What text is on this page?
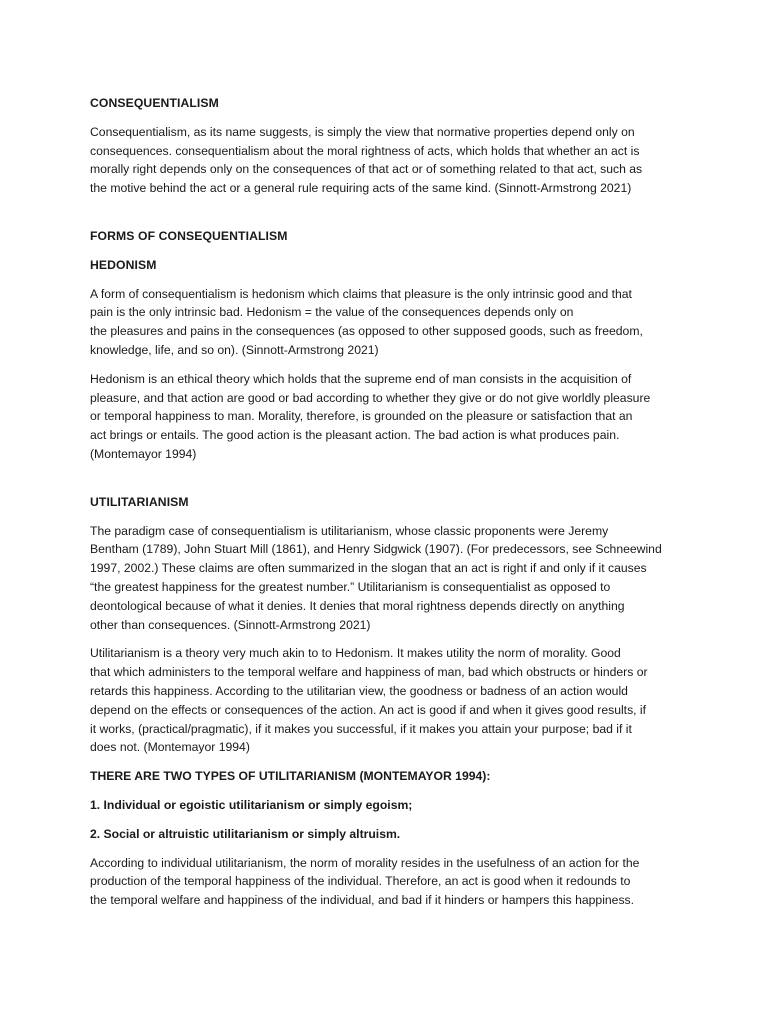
CONSEQUENTIALISM
Consequentialism, as its name suggests, is simply the view that normative properties depend only on
consequences. consequentialism about the moral rightness of acts, which holds that whether an act is
morally right depends only on the consequences of that act or of something related to that act, such as
the motive behind the act or a general rule requiring acts of the same kind. (Sinnott-Armstrong 2021)
FORMS OF CONSEQUENTIALISM
HEDONISM
A form of consequentialism is hedonism which claims that pleasure is the only intrinsic good and that
pain is the only intrinsic bad. Hedonism = the value of the consequences depends only on
the pleasures and pains in the consequences (as opposed to other supposed goods, such as freedom,
knowledge, life, and so on). (Sinnott-Armstrong 2021)
Hedonism is an ethical theory which holds that the supreme end of man consists in the acquisition of
pleasure, and that action are good or bad according to whether they give or do not give worldly pleasure
or temporal happiness to man. Morality, therefore, is grounded on the pleasure or satisfaction that an
act brings or entails. The good action is the pleasant action. The bad action is what produces pain.
(Montemayor 1994)
UTILITARIANISM
The paradigm case of consequentialism is utilitarianism, whose classic proponents were Jeremy
Bentham (1789), John Stuart Mill (1861), and Henry Sidgwick (1907). (For predecessors, see Schneewind
1997, 2002.) These claims are often summarized in the slogan that an act is right if and only if it causes
“the greatest happiness for the greatest number.” Utilitarianism is consequentialist as opposed to
deontological because of what it denies. It denies that moral rightness depends directly on anything
other than consequences. (Sinnott-Armstrong 2021)
Utilitarianism is a theory very much akin to to Hedonism. It makes utility the norm of morality. Good
that which administers to the temporal welfare and happiness of man, bad which obstructs or hinders or
retards this happiness. According to the utilitarian view, the goodness or badness of an action would
depend on the effects or consequences of the action. An act is good if and when it gives good results, if
it works, (practical/pragmatic), if it makes you successful, if it makes you attain your purpose; bad if it
does not. (Montemayor 1994)
THERE ARE TWO TYPES OF UTILITARIANISM (MONTEMAYOR 1994):
1. Individual or egoistic utilitarianism or simply egoism;
2. Social or altruistic utilitarianism or simply altruism.
According to individual utilitarianism, the norm of morality resides in the usefulness of an action for the
production of the temporal happiness of the individual. Therefore, an act is good when it redounds to
the temporal welfare and happiness of the individual, and bad if it hinders or hampers this happiness.
